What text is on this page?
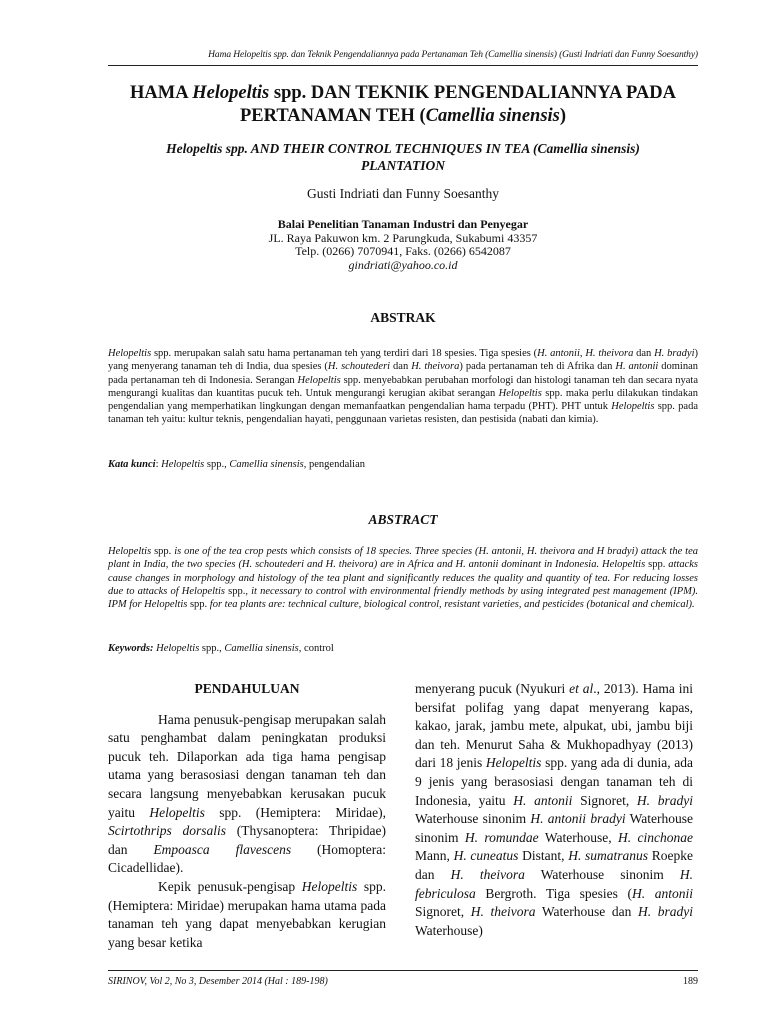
Hama Helopeltis spp. dan Teknik Pengendaliannya pada Pertanaman Teh (Camellia sinensis) (Gusti Indriati dan Funny Soesanthy)
HAMA Helopeltis spp. DAN TEKNIK PENGENDALIANNYA PADA
PERTANAMAN TEH (Camellia sinensis)
Helopeltis spp. AND THEIR CONTROL TECHNIQUES IN TEA (Camellia sinensis)
PLANTATION
Gusti Indriati dan Funny Soesanthy
Balai Penelitian Tanaman Industri dan Penyegar
JL. Raya Pakuwon km. 2 Parungkuda, Sukabumi 43357
Telp. (0266) 7070941, Faks. (0266) 6542087
gindriati@yahoo.co.id
ABSTRAK
Helopeltis spp. merupakan salah satu hama pertanaman teh yang terdiri dari 18 spesies. Tiga spesies (H. antonii, H. theivora dan H. bradyi) yang menyerang tanaman teh di India, dua spesies (H. schoutederi dan H. theivora) pada pertanaman teh di Afrika dan H. antonii dominan pada pertanaman teh di Indonesia. Serangan Helopeltis spp. menyebabkan perubahan morfologi dan histologi tanaman teh dan secara nyata mengurangi kualitas dan kuantitas pucuk teh. Untuk mengurangi kerugian akibat serangan Helopeltis spp. maka perlu dilakukan tindakan pengendalian yang memperhatikan lingkungan dengan memanfaatkan pengendalian hama terpadu (PHT). PHT untuk Helopeltis spp. pada tanaman teh yaitu: kultur teknis, pengendalian hayati, penggunaan varietas resisten, dan pestisida (nabati dan kimia).
Kata kunci: Helopeltis spp., Camellia sinensis, pengendalian
ABSTRACT
Helopeltis spp. is one of the tea crop pests which consists of 18 species. Three species (H. antonii, H. theivora and H bradyi) attack the tea plant in India, the two species (H. schoutederi and H. theivora) are in Africa and H. antonii dominant in Indonesia. Helopeltis spp. attacks cause changes in morphology and histology of the tea plant and significantly reduces the quality and quantity of tea. For reducing losses due to attacks of Helopeltis spp., it necessary to control with environmental friendly methods by using integrated pest management (IPM). IPM for Helopeltis spp. for tea plants are: technical culture, biological control, resistant varieties, and pesticides (botanical and chemical).
Keywords: Helopeltis spp., Camellia sinensis, control
PENDAHULUAN

Hama penusuk-pengisap merupakan salah satu penghambat dalam peningkatan produksi pucuk teh. Dilaporkan ada tiga hama pengisap utama yang berasosiasi dengan tanaman teh dan secara langsung menyebabkan kerusakan pucuk yaitu Helopeltis spp. (Hemiptera: Miridae), Scirtothrips dorsalis (Thysanoptera: Thripidae) dan Empoasca flavescens (Homoptera: Cicadellidae).

Kepik penusuk-pengisap Helopeltis spp. (Hemiptera: Miridae) merupakan hama utama pada tanaman teh yang dapat menyebabkan kerugian yang besar ketika

menyerang pucuk (Nyukuri et al., 2013). Hama ini bersifat polifag yang dapat menyerang kapas, kakao, jarak, jambu mete, alpukat, ubi, jambu biji dan teh. Menurut Saha & Mukhopadhyay (2013) dari 18 jenis Helopeltis spp. yang ada di dunia, ada 9 jenis yang berasosiasi dengan tanaman teh di Indonesia, yaitu H. antonii Signoret, H. bradyi Waterhouse sinonim H. antonii bradyi Waterhouse sinonim H. romundae Waterhouse, H. cinchonae Mann, H. cuneatus Distant, H. sumatranus Roepke dan H. theivora Waterhouse sinonim H. febriculosa Bergroth. Tiga spesies (H. antonii Signoret, H. theivora Waterhouse dan H. bradyi Waterhouse)

SIRINOV, Vol 2, No 3, Desember 2014 (Hal : 189-198)	189
